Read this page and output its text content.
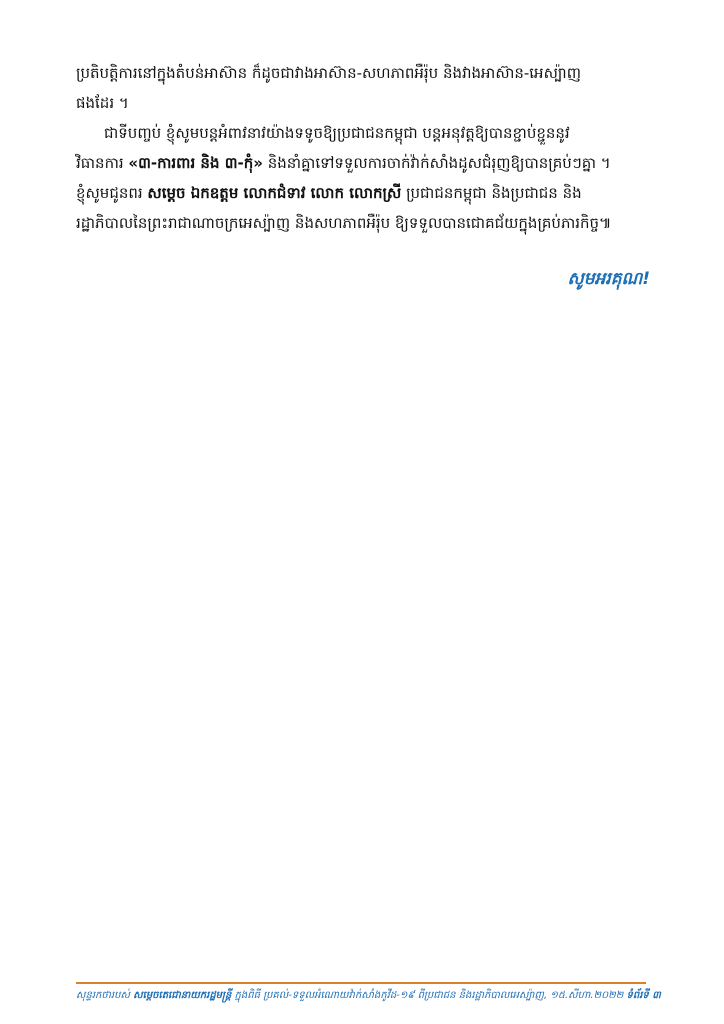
ប្រតិបត្តិការនៅក្នុងតំបន់អាស៊ាន ក៏ដូចជាវាងអាស៊ាន-សហភាពអឺរ៉ុប និងវាងអាស៊ាន-អេស្ប៉ាញ
ផងដែរ ។

ជាទីបញ្ចប់ ខ្ញុំសូមបន្តអំពាវនាវយ៉ាងទទូចឱ្យប្រជាជនកម្ពុជា បន្តអនុវត្តឱ្យបានខ្ជាប់ខ្ជួននូវ
វិធានការ «៣-ការពារ និង ៣-កុំ» និងនាំគ្នាទៅទទួលការចាក់វ៉ាក់សាំងដូសជំរុញឱ្យបានគ្រប់ៗគ្នា ។
ខ្ញុំសូមជូនពរ សម្តេច ឯកឧត្តម លោកជំទាវ លោក លោកស្រី ប្រជាជនកម្ពុជា និងប្រជាជន និង
រដ្ឋាភិបាលនៃព្រះរាជាណាចក្រអេស្ប៉ាញ និងសហភាពអឺរ៉ុប ឱ្យទទួលបានជោគជ័យក្នុងគ្រប់ភារកិច្ច៕

សូមអរគុណ!
សុន្ទរកថារបស់ សម្តេចតេជោនាយករដ្ឋមន្ត្រី ក្នុងពិធី ប្រគល់-ទទួលអំណោយវ៉ាក់សាំងកូវីដ-១៩ ពីប្រជាជន និងរដ្ឋាភិបាលអេស្ប៉ាញ, ១៥.សីហា.២០២២ ទំព័រទី ៣
